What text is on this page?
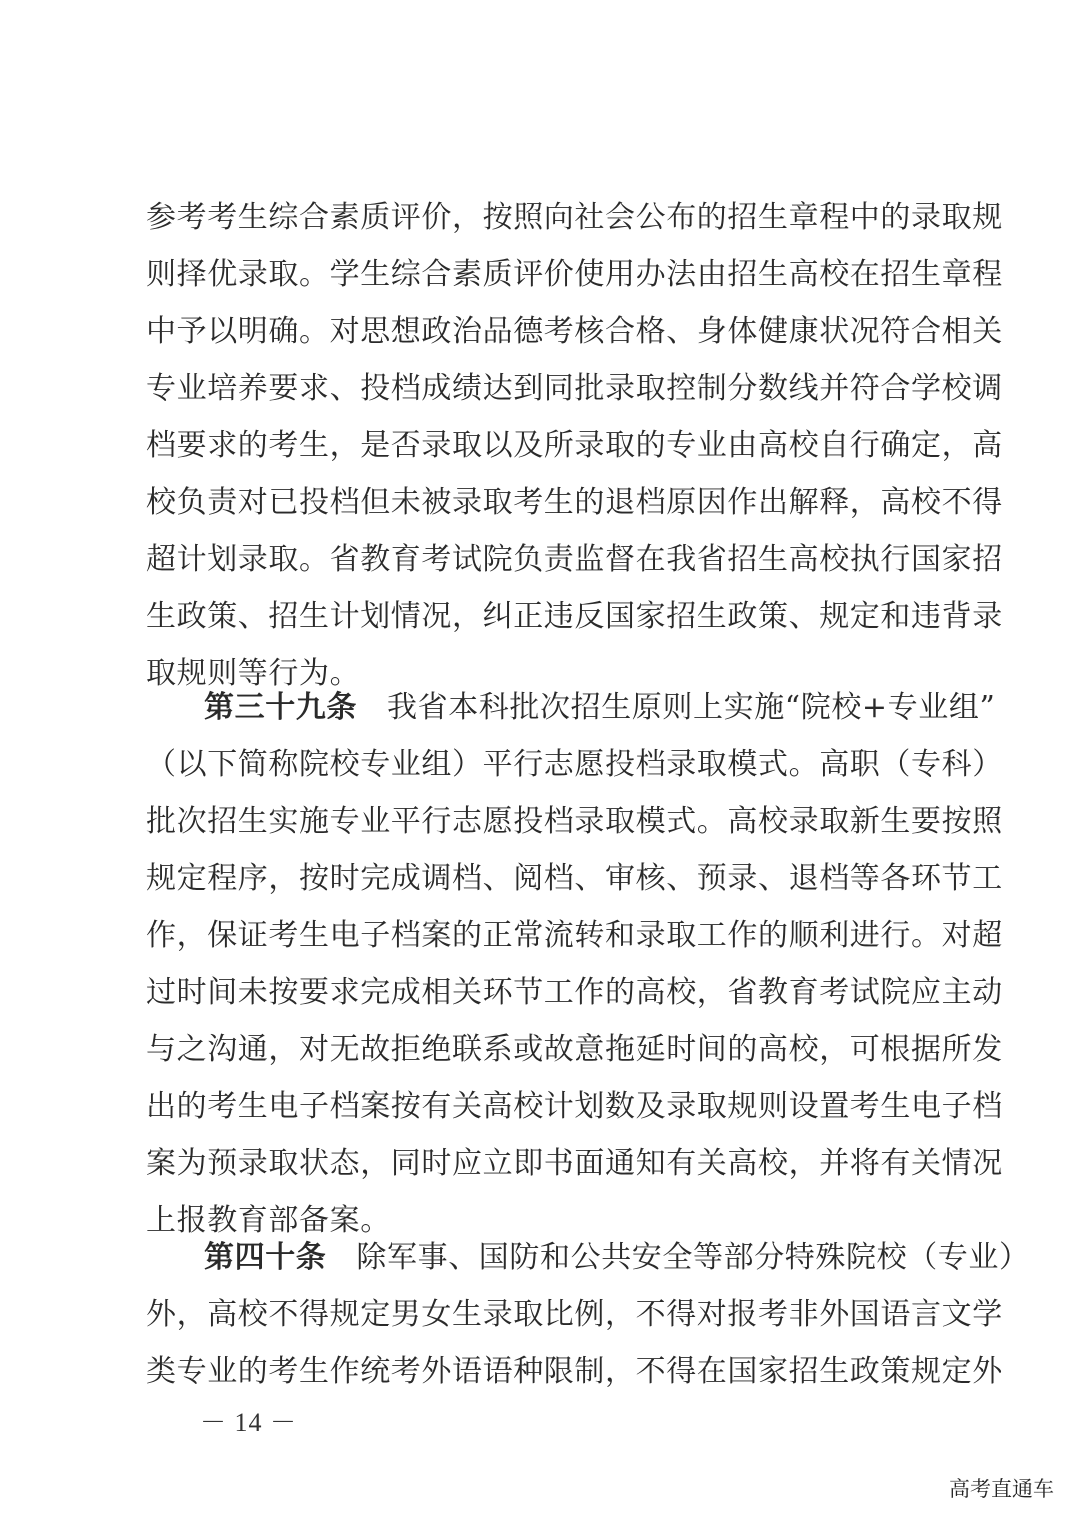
参考考生综合素质评价，按照向社会公布的招生章程中的录取规
则择优录取。学生综合素质评价使用办法由招生高校在招生章程
中予以明确。对思想政治品德考核合格、身体健康状况符合相关
专业培养要求、投档成绩达到同批录取控制分数线并符合学校调
档要求的考生，是否录取以及所录取的专业由高校自行确定，高
校负责对已投档但未被录取考生的退档原因作出解释，高校不得
超计划录取。省教育考试院负责监督在我省招生高校执行国家招
生政策、招生计划情况，纠正违反国家招生政策、规定和违背录
取规则等行为。
第三十九条 我省本科批次招生原则上实施“院校+专业组”
（以下简称院校专业组）平行志愿投档录取模式。高职（专科）
批次招生实施专业平行志愿投档录取模式。高校录取新生要按照
规定程序，按时完成调档、阅档、审核、预录、退档等各环节工
作，保证考生电子档案的正常流转和录取工作的顺利进行。对超
过时间未按要求完成相关环节工作的高校，省教育考试院应主动
与之沟通，对无故拒绝联系或故意拖延时间的高校，可根据所发
出的考生电子档案按有关高校计划数及录取规则设置考生电子档
案为预录取状态，同时应立即书面通知有关高校，并将有关情况
上报教育部备案。
第四十条 除军事、国防和公共安全等部分特殊院校（专业）
外，高校不得规定男女生录取比例，不得对报考非外国语言文学
类专业的考生作统考外语语种限制，不得在国家招生政策规定外
－ 14 －
高考直通车
